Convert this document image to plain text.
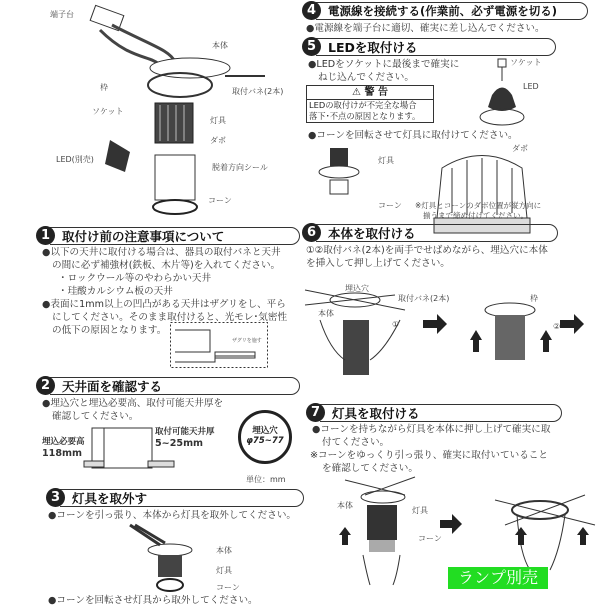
端子台
本体
枠	取付バネ(2本)
ソケット
灯具
ダボ
LED(別売)
脱着方向シール
コーン
1 取付け前の注意事項について
●以下の天井に取付ける場合は、器具の取付バネと天井
の間に必ず補強材(鉄板、木片等)を入れてください。
・ロックウール等のやわらかい天井
・珪酸カルシウム板の天井
●表面に1mm以上の凹凸がある天井はザグリをし、平ら
にしてください。そのまま取付けると、光モレ･気密性
の低下の原因となります。
ザグリを施す
2 天井面を確認する
●埋込穴と埋込必要高、取付可能天井厚を
確認してください。
取付可能天井厚
5~25mm
埋込必要高
118mm
埋込穴
φ75~77
単位：mm
3 灯具を取外す
●コーンを引っ張り、本体から灯具を取外してください。
本体
灯具
コーン
●コーンを回転させ灯具から取外してください。
4	電源線を接続する(作業前、必ず電源を切る)
●電源線を端子台に適切、確実に差し込んでください。
5 LEDを取付ける
●LEDをソケットに最後まで確実に
ねじ込んでください。
⚠ 警 告
LEDの取付けが不完全な場合
落下･不点の原因となります。
ソケット
LED
●コーンを回転させて灯具に取付けてください。
灯具
コーン
ダボ
※灯具とコーンのダボ位置が縦方向に
揃うまで締め付けてください。
6 本体を取付ける
①②取付バネ(2本)を両手でせばめながら、埋込穴に本体
を挿入して押し上げてください。
埋込穴
取付バネ(2本)
本体
枠
①	②
7 灯具を取付ける
●コーンを持ちながら灯具を本体に押し上げて確実に取
付てください。
※コーンをゆっくり引っ張り、確実に取付いていること
を確認してください。
本体
灯具
コーン
ランプ別売
